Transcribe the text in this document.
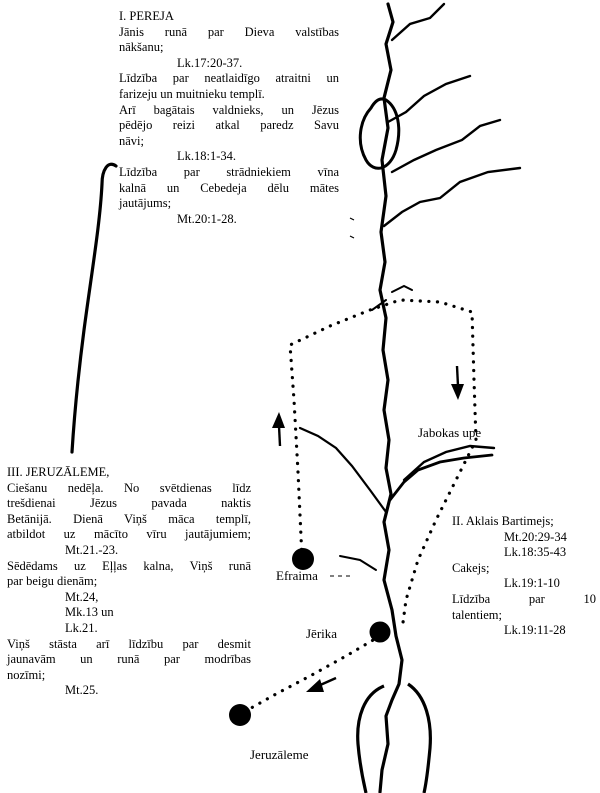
I. PEREJA
Jānis runā par Dieva valstības
nākšanu;
Lk.17:20-37.
Līdzība par neatlaidīgo atraitni un
farizeju un muitnieku templī.
Arī bagātais valdnieks, un Jēzus
pēdējo reizi atkal paredz Savu
nāvi;
Lk.18:1-34.
Līdzība par strādniekiem vīna
kalnā un Cebedeja dēlu mātes
jautājums;
Mt.20:1-28.
III. JERUZĀLEME,
Ciešanu nedēļa. No svētdienas līdz
trešdienai Jēzus pavada naktis
Betānijā. Dienā Viņš māca templī,
atbildot uz mācīto vīru jautājumiem;
Mt.21.-23.
Sēdēdams uz Eļļas kalna, Viņš runā
par beigu dienām;
Mt.24,
Mk.13 un
Lk.21.
Viņš stāsta arī līdzību par desmit
jaunavām un runā par modrības
nozīmi;
Mt.25.
II. Aklais Bartimejs;
Mt.20:29-34
Lk.18:35-43
Cakejs;
Lk.19:1-10
Līdzība par 10
talentiem;
Lk.19:11-28
Jabokas upe
Efraima
Jērika
Jeruzāleme
